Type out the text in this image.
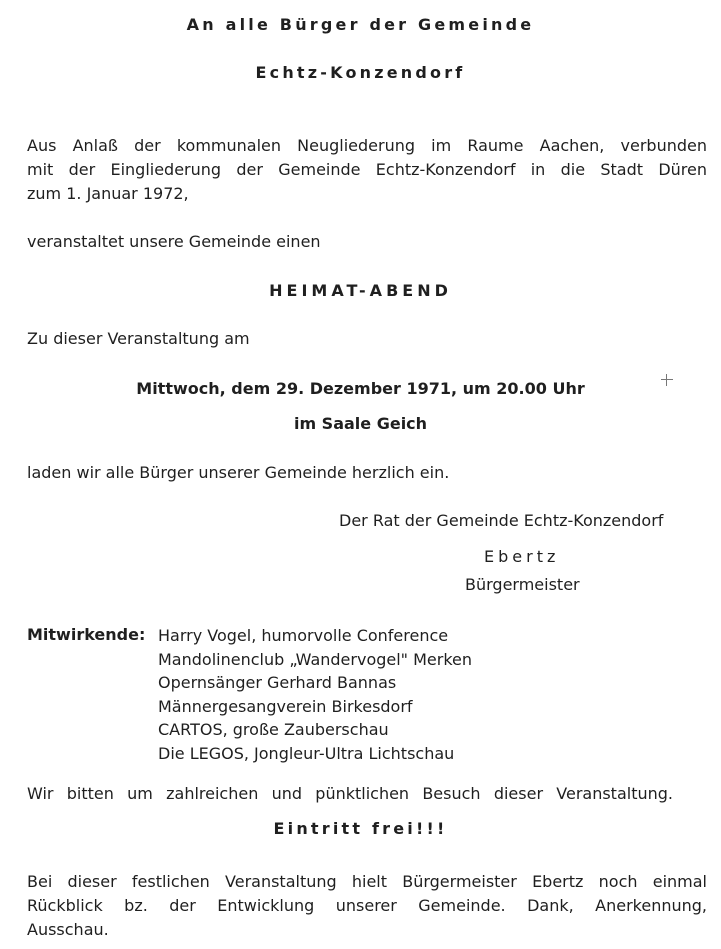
An alle Bürger der Gemeinde
Echtz-Konzendorf
Aus Anlaß der kommunalen Neugliederung im Raume Aachen, verbunden
mit der Eingliederung der Gemeinde Echtz-Konzendorf in die Stadt Düren
zum 1. Januar 1972,
veranstaltet unsere Gemeinde einen
HEIMAT-ABEND
Zu dieser Veranstaltung am
Mittwoch, dem 29. Dezember 1971, um 20.00 Uhr
im Saale Geich
laden wir alle Bürger unserer Gemeinde herzlich ein.
Der Rat der Gemeinde Echtz-Konzendorf
Ebertz
Bürgermeister
Mitwirkende: Harry Vogel, humorvolle Conference
Mandolinenclub „Wandervogel" Merken
Opernsänger Gerhard Bannas
Männergesangverein Birkesdorf
CARTOS, große Zauberschau
Die LEGOS, Jongleur-Ultra Lichtschau
Wir bitten um zahlreichen und pünktlichen Besuch dieser Veranstaltung.
Eintritt frei!!!
Bei dieser festlichen Veranstaltung hielt Bürgermeister Ebertz noch einmal
Rückblick bz. der Entwicklung unserer Gemeinde. Dank, Anerkennung,
Ausschau.
